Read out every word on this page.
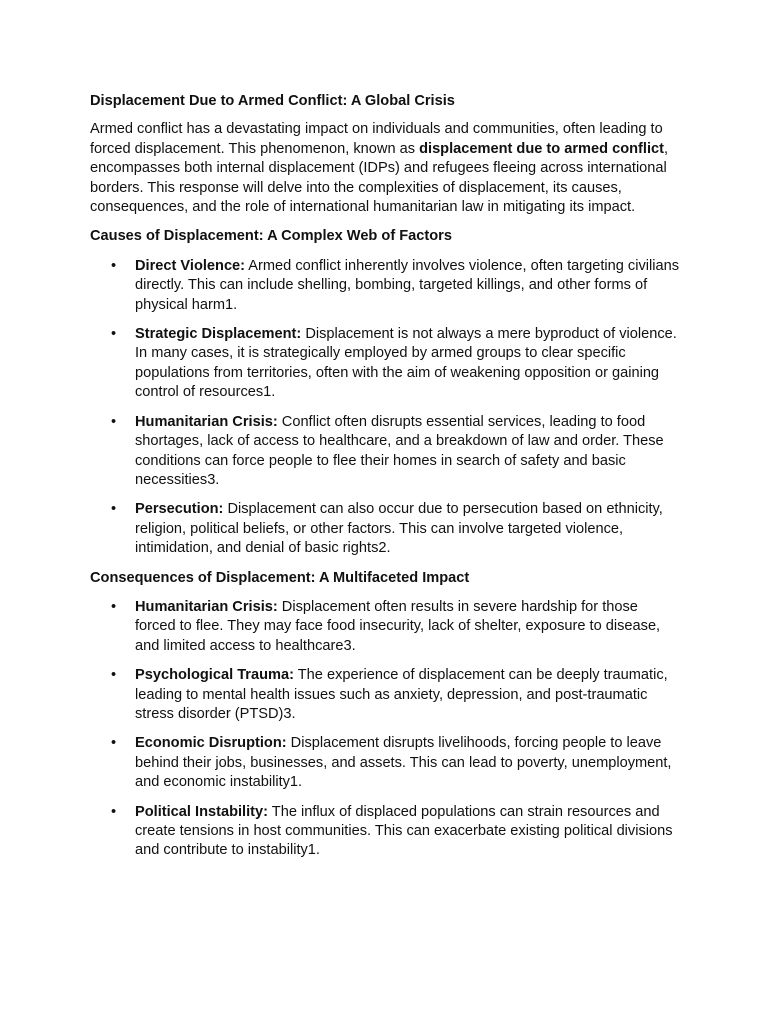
Displacement Due to Armed Conflict: A Global Crisis

Armed conflict has a devastating impact on individuals and communities, often leading to forced displacement. This phenomenon, known as displacement due to armed conflict, encompasses both internal displacement (IDPs) and refugees fleeing across international borders. This response will delve into the complexities of displacement, its causes, consequences, and the role of international humanitarian law in mitigating its impact.

Causes of Displacement: A Complex Web of Factors

• Direct Violence: Armed conflict inherently involves violence, often targeting civilians directly. This can include shelling, bombing, targeted killings, and other forms of physical harm1.
• Strategic Displacement: Displacement is not always a mere byproduct of violence. In many cases, it is strategically employed by armed groups to clear specific populations from territories, often with the aim of weakening opposition or gaining control of resources1.
• Humanitarian Crisis: Conflict often disrupts essential services, leading to food shortages, lack of access to healthcare, and a breakdown of law and order. These conditions can force people to flee their homes in search of safety and basic necessities3.
• Persecution: Displacement can also occur due to persecution based on ethnicity, religion, political beliefs, or other factors. This can involve targeted violence, intimidation, and denial of basic rights2.

Consequences of Displacement: A Multifaceted Impact

• Humanitarian Crisis: Displacement often results in severe hardship for those forced to flee. They may face food insecurity, lack of shelter, exposure to disease, and limited access to healthcare3.
• Psychological Trauma: The experience of displacement can be deeply traumatic, leading to mental health issues such as anxiety, depression, and post-traumatic stress disorder (PTSD)3.
• Economic Disruption: Displacement disrupts livelihoods, forcing people to leave behind their jobs, businesses, and assets. This can lead to poverty, unemployment, and economic instability1.
• Political Instability: The influx of displaced populations can strain resources and create tensions in host communities. This can exacerbate existing political divisions and contribute to instability1.
